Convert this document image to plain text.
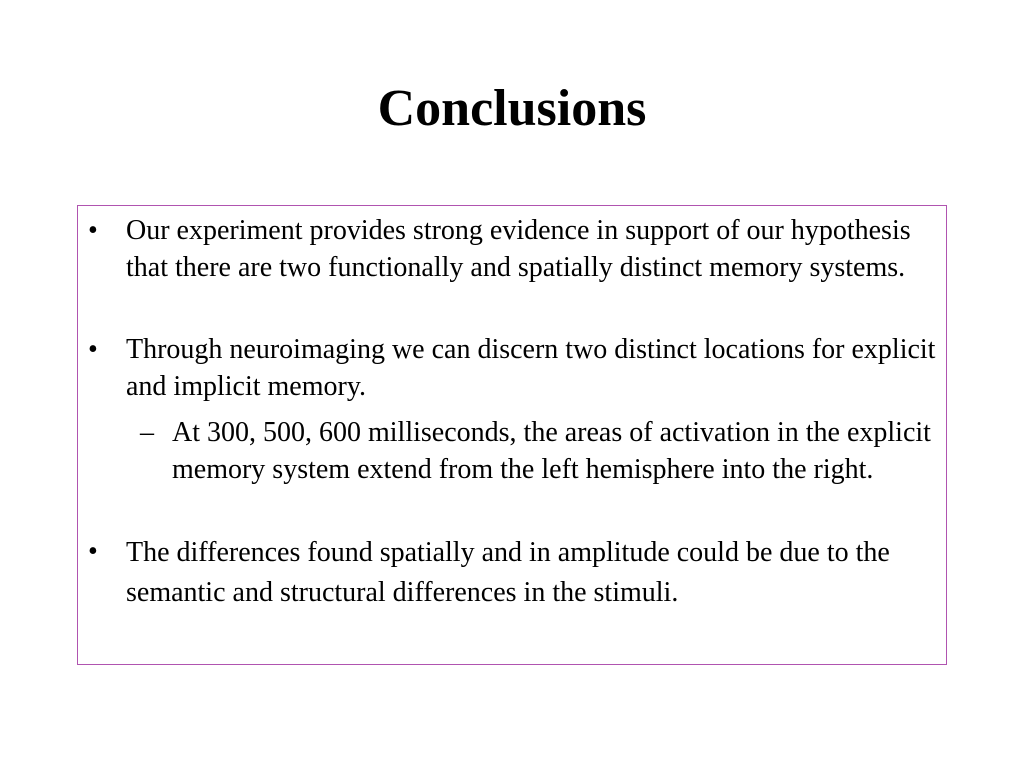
Conclusions
• Our experiment provides strong evidence in support of our hypothesis that there are two functionally and spatially distinct memory systems.
• Through neuroimaging we can discern two distinct locations for explicit and implicit memory.
– At 300, 500, 600 milliseconds, the areas of activation in the explicit memory system extend from the left hemisphere into the right.
• The differences found spatially and in amplitude could be due to the semantic and structural differences in the stimuli.
